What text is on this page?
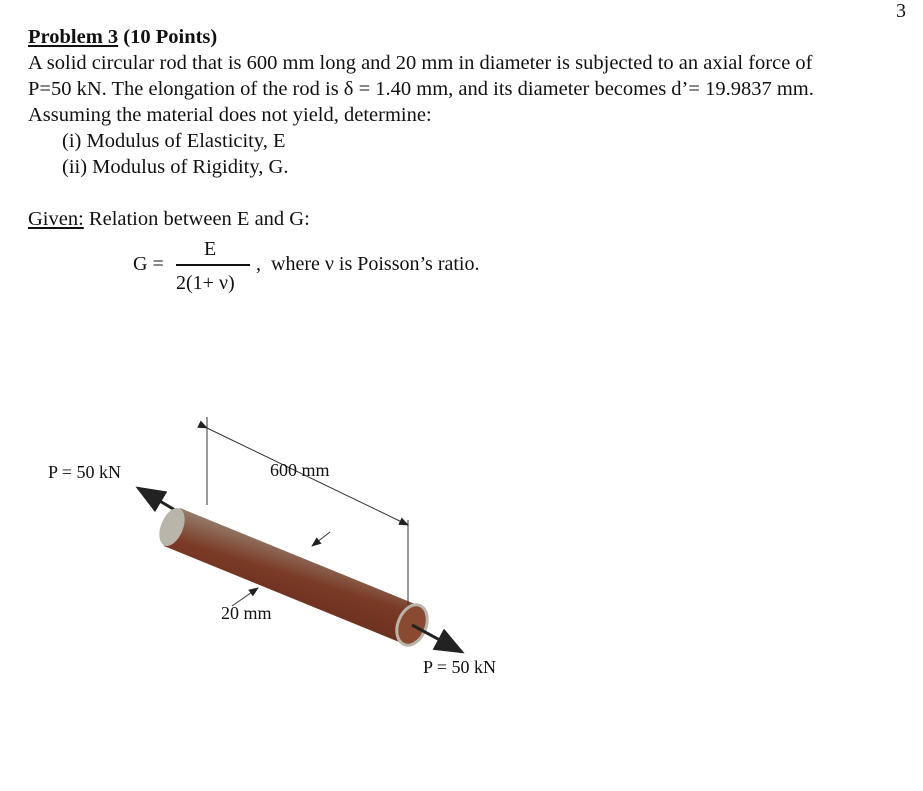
3
Problem 3 (10 Points)
A solid circular rod that is 600 mm long and 20 mm in diameter is subjected to an axial force of
P=50 kN. The elongation of the rod is δ = 1.40 mm, and its diameter becomes d’= 19.9837 mm.
Assuming the material does not yield, determine:
(i) Modulus of Elasticity, E
(ii) Modulus of Rigidity, G.
Given: Relation between E and G:
G =
E
2(1+ ν)
, where ν is Poisson’s ratio.
P = 50 kN	600 mm
20 mm
P = 50 kN
